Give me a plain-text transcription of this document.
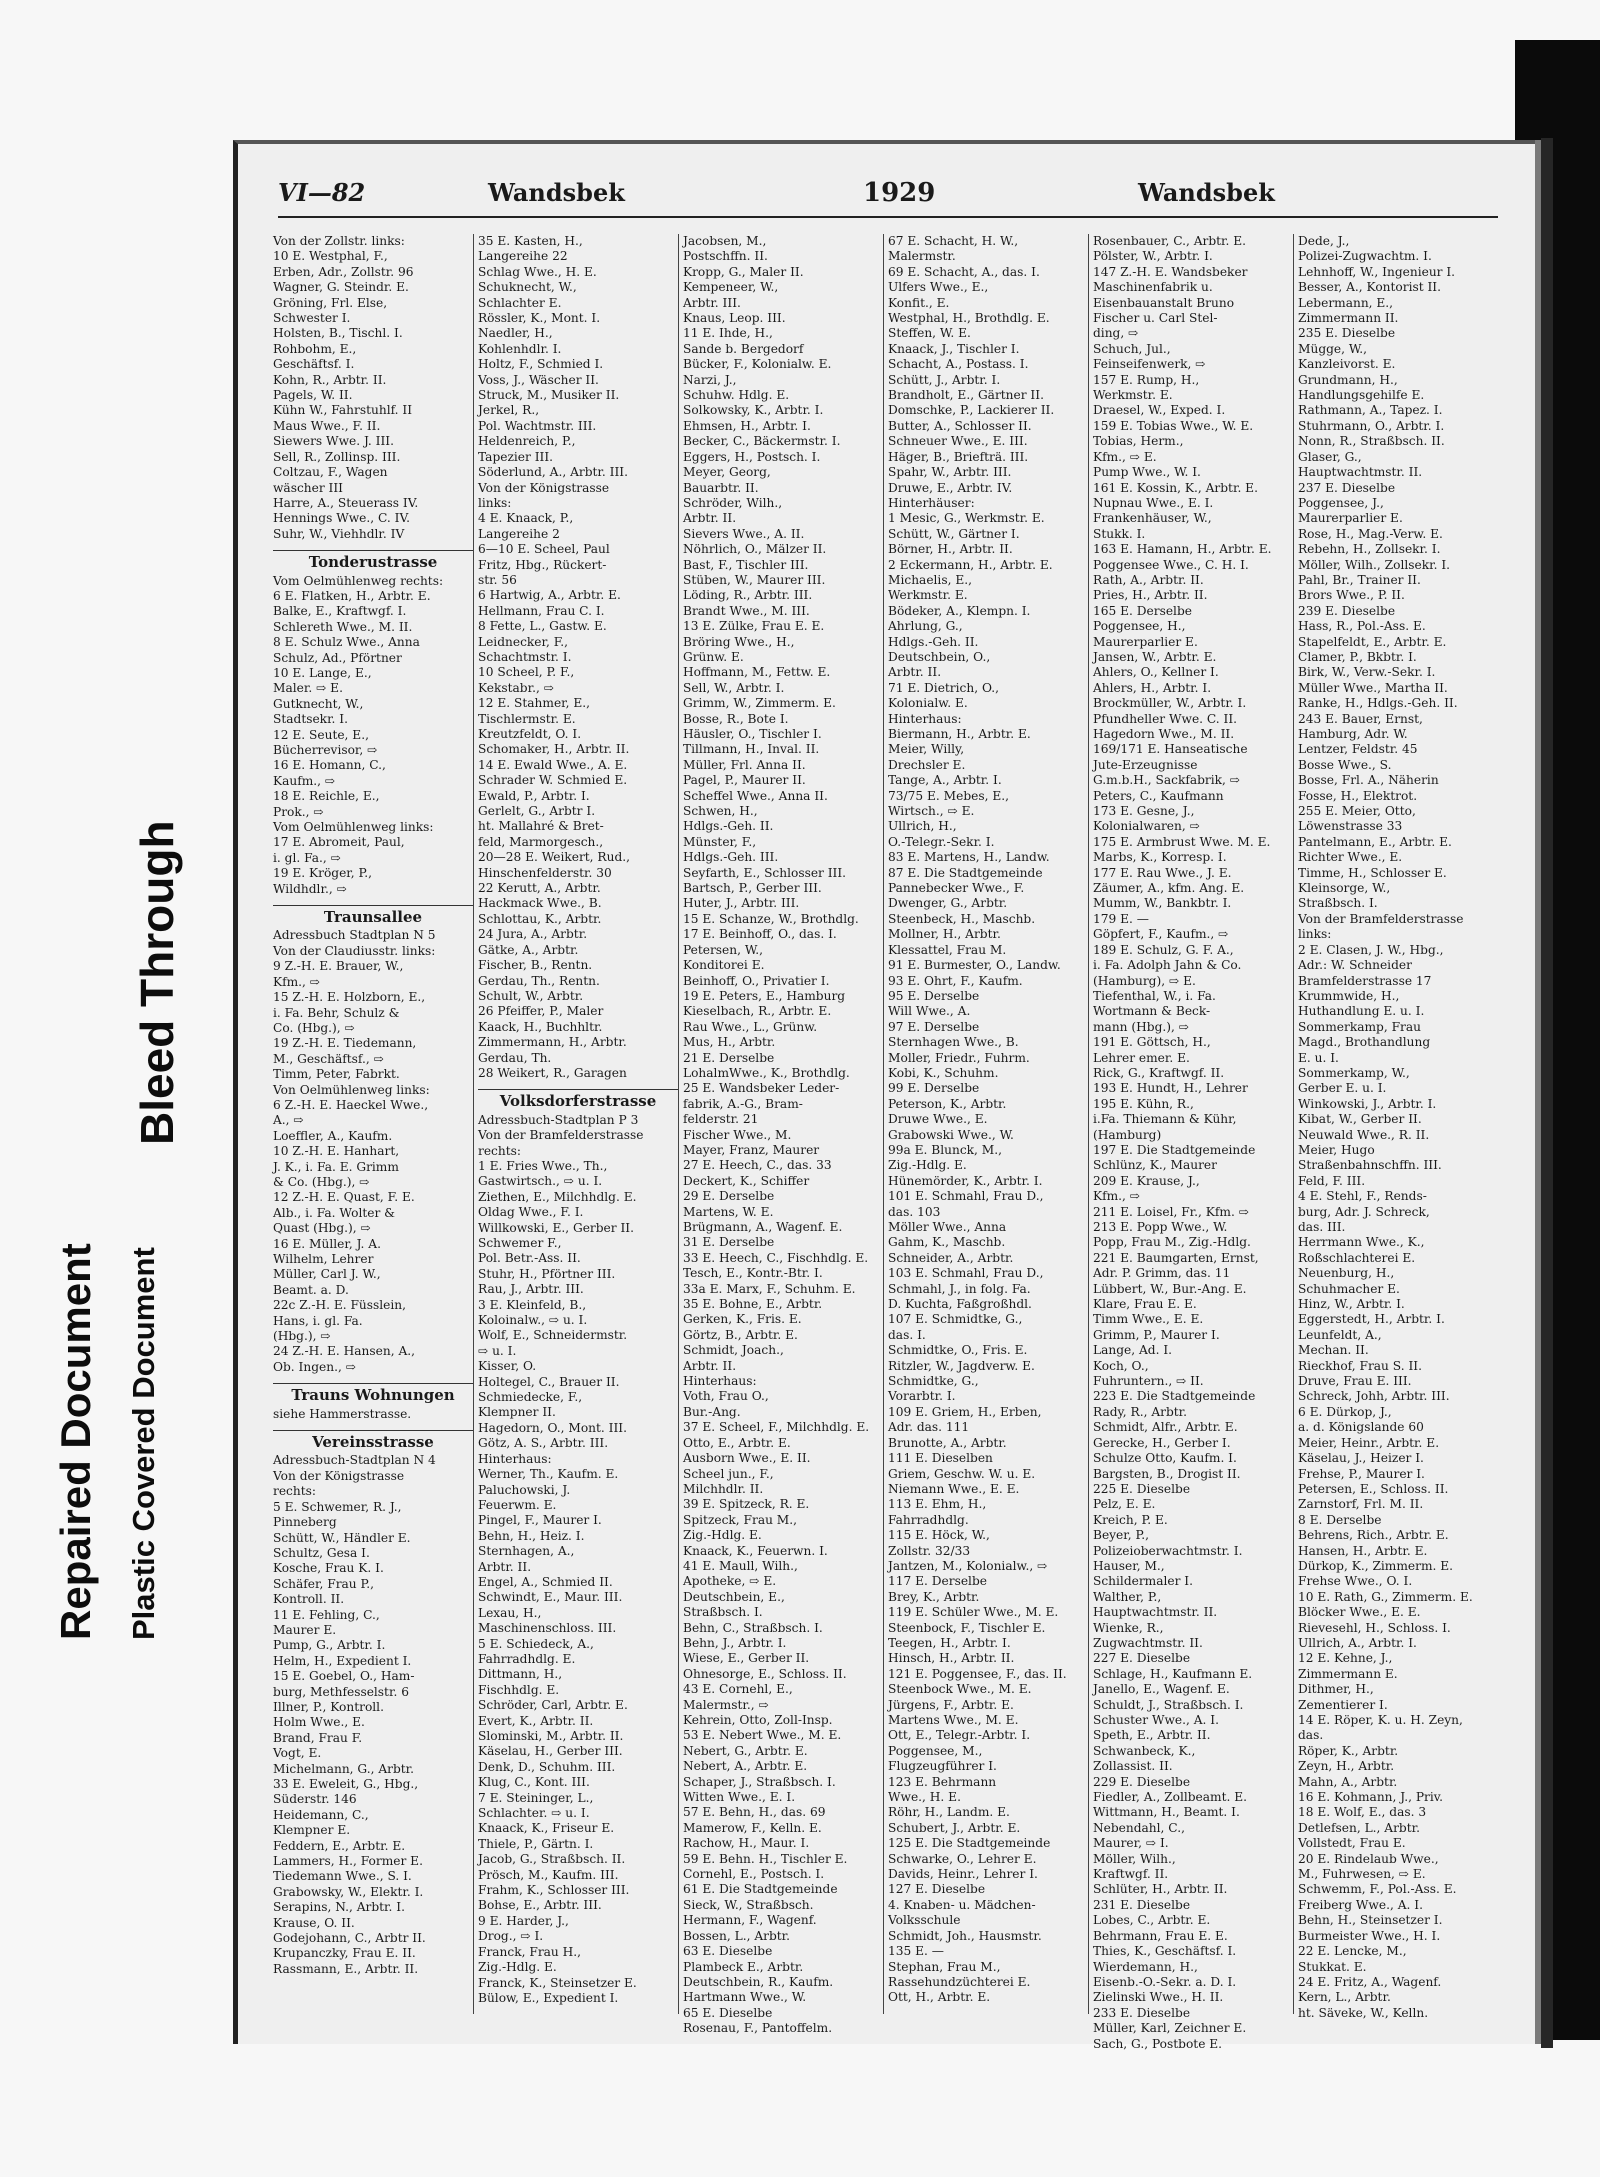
Bleed Through
Repaired Document Plastic Covered Document
VI—82	Wandsbek	1929	Wandsbek
Von der Zollstr. links:
10 E. Westphal, F.,
Erben, Adr., Zollstr. 96
Wagner, G. Steindr. E.
Gröning, Frl. Else,
Schwester I.
Holsten, B., Tischl. I.
Rohbohm, E.,
Geschäftsf. I.
Kohn, R., Arbtr. II.
Pagels, W. II.
Kühn W., Fahrstuhlf. II
Maus Wwe., F. II.
Siewers Wwe. J. III.
Sell, R., Zollinsp. III.
Coltzau, F., Wagen
wäscher III
Harre, A., Steuerass IV.
Hennings Wwe., C. IV.
Suhr, W., Viehhdlr. IV
Tonderustrasse
Vom Oelmühlenweg rechts:
6 E. Flatken, H., Arbtr. E.
Balke, E., Kraftwgf. I.
Schlereth Wwe., M. II.
8 E. Schulz Wwe., Anna
Schulz, Ad., Pförtner
10 E. Lange, E.,
Maler. ⇨ E.
Gutknecht, W.,
Stadtsekr. I.
12 E. Seute, E.,
Bücherrevisor, ⇨
16 E. Homann, C.,
Kaufm., ⇨
18 E. Reichle, E.,
Prok., ⇨
Vom Oelmühlenweg links:
17 E. Abromeit, Paul,
i. gl. Fa., ⇨
19 E. Kröger, P.,
Wildhdlr., ⇨
Traunsallee
Adressbuch Stadtplan N 5
Von der Claudiusstr. links:
9 Z.-H. E. Brauer, W.,
Kfm., ⇨
15 Z.-H. E. Holzborn, E.,
i. Fa. Behr, Schulz &
Co. (Hbg.), ⇨
19 Z.-H. E. Tiedemann,
M., Geschäftsf., ⇨
Timm, Peter, Fabrkt.
Von Oelmühlenweg links:
6 Z.-H. E. Haeckel Wwe.,
A., ⇨
Loeffler, A., Kaufm.
10 Z.-H. E. Hanhart,
J. K., i. Fa. E. Grimm
& Co. (Hbg.), ⇨
12 Z.-H. E. Quast, F. E.
Alb., i. Fa. Wolter &
Quast (Hbg.), ⇨
16 E. Müller, J. A.
Wilhelm, Lehrer
Müller, Carl J. W.,
Beamt. a. D.
22c Z.-H. E. Füsslein,
Hans, i. gl. Fa.
(Hbg.), ⇨
24 Z.-H. E. Hansen, A.,
Ob. Ingen., ⇨
Trauns Wohnungen
siehe Hammerstrasse.
Vereinsstrasse
Adressbuch-Stadtplan N 4
Von der Königstrasse
rechts:
5 E. Schwemer, R. J.,
Pinneberg
Schütt, W., Händler E.
Schultz, Gesa I.
Kosche, Frau K. I.
Schäfer, Frau P.,
Kontroll. II.
11 E. Fehling, C.,
Maurer E.
Pump, G., Arbtr. I.
Helm, H., Expedient I.
15 E. Goebel, O., Ham-
burg, Methfesselstr. 6
Illner, P., Kontroll.
Holm Wwe., E.
Brand, Frau F.
Vogt, E.
Michelmann, G., Arbtr.
33 E. Eweleit, G., Hbg.,
Süderstr. 146
Heidemann, C.,
Klempner E.
Feddern, E., Arbtr. E.
Lammers, H., Former E.
Tiedemann Wwe., S. I.
Grabowsky, W., Elektr. I.
Serapins, N., Arbtr. I.
Krause, O. II.
Godejohann, C., Arbtr II.
Krupanczky, Frau E. II.
Rassmann, E., Arbtr. II.
35 E. Kasten, H.,
Langereihe 22
Schlag Wwe., H. E.
Schuknecht, W.,
Schlachter E.
Rössler, K., Mont. I.
Naedler, H.,
Kohlenhdlr. I.
Holtz, F., Schmied I.
Voss, J., Wäscher II.
Struck, M., Musiker II.
Jerkel, R.,
Pol. Wachtmstr. III.
Heldenreich, P.,
Tapezier III.
Söderlund, A., Arbtr. III.
Von der Königstrasse
links:
4 E. Knaack, P.,
Langereihe 2
6—10 E. Scheel, Paul
Fritz, Hbg., Rückert-
str. 56
6 Hartwig, A., Arbtr. E.
Hellmann, Frau C. I.
8 Fette, L., Gastw. E.
Leidnecker, F.,
Schachtmstr. I.
10 Scheel, P. F.,
Kekstabr., ⇨
12 E. Stahmer, E.,
Tischlermstr. E.
Kreutzfeldt, O. I.
Schomaker, H., Arbtr. II.
14 E. Ewald Wwe., A. E.
Schrader W. Schmied E.
Ewald, P., Arbtr. I.
Gerlelt, G., Arbtr I.
ht. Mallahré & Bret-
feld, Marmorgesch.,
20—28 E. Weikert, Rud.,
Hinschenfelderstr. 30
22 Kerutt, A., Arbtr.
Hackmack Wwe., B.
Schlottau, K., Arbtr.
24 Jura, A., Arbtr.
Gätke, A., Arbtr.
Fischer, B., Rentn.
Gerdau, Th., Rentn.
Schult, W., Arbtr.
26 Pfeiffer, P., Maler
Kaack, H., Buchhltr.
Zimmermann, H., Arbtr.
Gerdau, Th.
28 Weikert, R., Garagen
Volksdorferstrasse
Adressbuch-Stadtplan P 3
Von der Bramfelderstrasse
rechts:
1 E. Fries Wwe., Th.,
Gastwirtsch., ⇨ u. I.
Ziethen, E., Milchhdlg. E.
Oldag Wwe., F. I.
Willkowski, E., Gerber II.
Schwemer F.,
Pol. Betr.-Ass. II.
Stuhr, H., Pförtner III.
Rau, J., Arbtr. III.
3 E. Kleinfeld, B.,
Koloinalw., ⇨ u. I.
Wolf, E., Schneidermstr.
⇨ u. I.
Kisser, O.
Holtegel, C., Brauer II.
Schmiedecke, F.,
Klempner II.
Hagedorn, O., Mont. III.
Götz, A. S., Arbtr. III.
Hinterhaus:
Werner, Th., Kaufm. E.
Paluchowski, J.
Feuerwm. E.
Pingel, F., Maurer I.
Behn, H., Heiz. I.
Sternhagen, A.,
Arbtr. II.
Engel, A., Schmied II.
Schwindt, E., Maur. III.
Lexau, H.,
Maschinenschloss. III.
5 E. Schiedeck, A.,
Fahrradhdlg. E.
Dittmann, H.,
Fischhdlg. E.
Schröder, Carl, Arbtr. E.
Evert, K., Arbtr. II.
Slominski, M., Arbtr. II.
Käselau, H., Gerber III.
Denk, D., Schuhm. III.
Klug, C., Kont. III.
7 E. Steininger, L.,
Schlachter. ⇨ u. I.
Knaack, K., Friseur E.
Thiele, P., Gärtn. I.
Jacob, G., Straßbsch. II.
Prösch, M., Kaufm. III.
Frahm, K., Schlosser III.
Bohse, E., Arbtr. III.
9 E. Harder, J.,
Drog., ⇨ I.
Franck, Frau H.,
Zig.-Hdlg. E.
Franck, K., Steinsetzer E.
Bülow, E., Expedient I.
Jacobsen, M.,
Postschffn. II.
Kropp, G., Maler II.
Kempeneer, W.,
Arbtr. III.
Knaus, Leop. III.
11 E. Ihde, H.,
Sande b. Bergedorf
Bücker, F., Kolonialw. E.
Narzi, J.,
Schuhw. Hdlg. E.
Solkowsky, K., Arbtr. I.
Ehmsen, H., Arbtr. I.
Becker, C., Bäckermstr. I.
Eggers, H., Postsch. I.
Meyer, Georg,
Bauarbtr. II.
Schröder, Wilh.,
Arbtr. II.
Sievers Wwe., A. II.
Nöhrlich, O., Mälzer II.
Bast, F., Tischler III.
Stüben, W., Maurer III.
Löding, R., Arbtr. III.
Brandt Wwe., M. III.
13 E. Zülke, Frau E. E.
Bröring Wwe., H.,
Grünw. E.
Hoffmann, M., Fettw. E.
Sell, W., Arbtr. I.
Grimm, W., Zimmerm. E.
Bosse, R., Bote I.
Häusler, O., Tischler I.
Tillmann, H., Inval. II.
Müller, Frl. Anna II.
Pagel, P., Maurer II.
Scheffel Wwe., Anna II.
Schwen, H.,
Hdlgs.-Geh. II.
Münster, F.,
Hdlgs.-Geh. III.
Seyfarth, E., Schlosser III.
Bartsch, P., Gerber III.
Huter, J., Arbtr. III.
15 E. Schanze, W., Brothdlg.
17 E. Beinhoff, O., das. I.
Petersen, W.,
Konditorei E.
Beinhoff, O., Privatier I.
19 E. Peters, E., Hamburg
Kieselbach, R., Arbtr. E.
Rau Wwe., L., Grünw.
Mus, H., Arbtr.
21 E. Derselbe
LohalmWwe., K., Brothdlg.
25 E. Wandsbeker Leder-
fabrik, A.-G., Bram-
felderstr. 21
Fischer Wwe., M.
Mayer, Franz, Maurer
27 E. Heech, C., das. 33
Deckert, K., Schiffer
29 E. Derselbe
Martens, W. E.
Brügmann, A., Wagenf. E.
31 E. Derselbe
33 E. Heech, C., Fischhdlg. E.
Tesch, E., Kontr.-Btr. I.
33a E. Marx, F., Schuhm. E.
35 E. Bohne, E., Arbtr.
Gerken, K., Fris. E.
Görtz, B., Arbtr. E.
Schmidt, Joach.,
Arbtr. II.
Hinterhaus:
Voth, Frau O.,
Bur.-Ang.
37 E. Scheel, F., Milchhdlg. E.
Otto, E., Arbtr. E.
Ausborn Wwe., E. II.
Scheel jun., F.,
Milchhdlr. II.
39 E. Spitzeck, R. E.
Spitzeck, Frau M.,
Zig.-Hdlg. E.
Knaack, K., Feuerwn. I.
41 E. Maull, Wilh.,
Apotheke, ⇨ E.
Deutschbein, E.,
Straßbsch. I.
Behn, C., Straßbsch. I.
Behn, J., Arbtr. I.
Wiese, E., Gerber II.
Ohnesorge, E., Schloss. II.
43 E. Cornehl, E.,
Malermstr., ⇨
Kehrein, Otto, Zoll-Insp.
53 E. Nebert Wwe., M. E.
Nebert, G., Arbtr. E.
Nebert, A., Arbtr. E.
Schaper, J., Straßbsch. I.
Witten Wwe., E. I.
57 E. Behn, H., das. 69
Mamerow, F., Kelln. E.
Rachow, H., Maur. I.
59 E. Behn. H., Tischler E.
Cornehl, E., Postsch. I.
61 E. Die Stadtgemeinde
Sieck, W., Straßbsch.
Hermann, F., Wagenf.
Bossen, L., Arbtr.
63 E. Dieselbe
Plambeck E., Arbtr.
Deutschbein, R., Kaufm.
Hartmann Wwe., W.
65 E. Dieselbe
Rosenau, F., Pantoffelm.
67 E. Schacht, H. W.,
Malermstr.
69 E. Schacht, A., das. I.
Ulfers Wwe., E.,
Konfit., E.
Westphal, H., Brothdlg. E.
Steffen, W. E.
Knaack, J., Tischler I.
Schacht, A., Postass. I.
Schütt, J., Arbtr. I.
Brandholt, E., Gärtner II.
Domschke, P., Lackierer II.
Butter, A., Schlosser II.
Schneuer Wwe., E. III.
Häger, B., Briefträ. III.
Spahr, W., Arbtr. III.
Druwe, E., Arbtr. IV.
Hinterhäuser:
1 Mesic, G., Werkmstr. E.
Schütt, W., Gärtner I.
Börner, H., Arbtr. II.
2 Eckermann, H., Arbtr. E.
Michaelis, E.,
Werkmstr. E.
Bödeker, A., Klempn. I.
Ahrlung, G.,
Hdlgs.-Geh. II.
Deutschbein, O.,
Arbtr. II.
71 E. Dietrich, O.,
Kolonialw. E.
Hinterhaus:
Biermann, H., Arbtr. E.
Meier, Willy,
Drechsler E.
Tange, A., Arbtr. I.
73/75 E. Mebes, E.,
Wirtsch., ⇨ E.
Ullrich, H.,
O.-Telegr.-Sekr. I.
83 E. Martens, H., Landw.
87 E. Die Stadtgemeinde
Pannebecker Wwe., F.
Dwenger, G., Arbtr.
Steenbeck, H., Maschb.
Mollner, H., Arbtr.
Klessattel, Frau M.
91 E. Burmester, O., Landw.
93 E. Ohrt, F., Kaufm.
95 E. Derselbe
Will Wwe., A.
97 E. Derselbe
Sternhagen Wwe., B.
Moller, Friedr., Fuhrm.
Kobi, K., Schuhm.
99 E. Derselbe
Peterson, K., Arbtr.
Druwe Wwe., E.
Grabowski Wwe., W.
99a E. Blunck, M.,
Zig.-Hdlg. E.
Hünemörder, K., Arbtr. I.
101 E. Schmahl, Frau D.,
das. 103
Möller Wwe., Anna
Gahm, K., Maschb.
Schneider, A., Arbtr.
103 E. Schmahl, Frau D.,
Schmahl, J., in folg. Fa.
D. Kuchta, Faßgroßhdl.
107 E. Schmidtke, G.,
das. I.
Schmidtke, O., Fris. E.
Ritzler, W., Jagdverw. E.
Schmidtke, G.,
Vorarbtr. I.
109 E. Griem, H., Erben,
Adr. das. 111
Brunotte, A., Arbtr.
111 E. Dieselben
Griem, Geschw. W. u. E.
Niemann Wwe., E. E.
113 E. Ehm, H.,
Fahrradhdlg.
115 E. Höck, W.,
Zollstr. 32/33
Jantzen, M., Kolonialw., ⇨
117 E. Derselbe
Brey, K., Arbtr.
119 E. Schüler Wwe., M. E.
Steenbock, F., Tischler E.
Teegen, H., Arbtr. I.
Hinsch, H., Arbtr. II.
121 E. Poggensee, F., das. II.
Steenbock Wwe., M. E.
Jürgens, F., Arbtr. E.
Martens Wwe., M. E.
Ott, E., Telegr.-Arbtr. I.
Poggensee, M.,
Flugzeugführer I.
123 E. Behrmann
Wwe., H. E.
Röhr, H., Landm. E.
Schubert, J., Arbtr. E.
125 E. Die Stadtgemeinde
Schwarke, O., Lehrer E.
Davids, Heinr., Lehrer I.
127 E. Dieselbe
4. Knaben- u. Mädchen-
Volksschule
Schmidt, Joh., Hausmstr.
135 E. —
Stephan, Frau M.,
Rassehundzüchterei E.
Ott, H., Arbtr. E.
Rosenbauer, C., Arbtr. E.
Pölster, W., Arbtr. I.
147 Z.-H. E. Wandsbeker
Maschinenfabrik u.
Eisenbauanstalt Bruno
Fischer u. Carl Stel-
ding, ⇨
Schuch, Jul.,
Feinseifenwerk, ⇨
157 E. Rump, H.,
Werkmstr. E.
Draesel, W., Exped. I.
159 E. Tobias Wwe., W. E.
Tobias, Herm.,
Kfm., ⇨ E.
Pump Wwe., W. I.
161 E. Kossin, K., Arbtr. E.
Nupnau Wwe., E. I.
Frankenhäuser, W.,
Stukk. I.
163 E. Hamann, H., Arbtr. E.
Poggensee Wwe., C. H. I.
Rath, A., Arbtr. II.
Pries, H., Arbtr. II.
165 E. Derselbe
Poggensee, H.,
Maurerparlier E.
Jansen, W., Arbtr. E.
Ahlers, O., Kellner I.
Ahlers, H., Arbtr. I.
Brockmüller, W., Arbtr. I.
Pfundheller Wwe. C. II.
Hagedorn Wwe., M. II.
169/171 E. Hanseatische
Jute-Erzeugnisse
G.m.b.H., Sackfabrik, ⇨
Peters, C., Kaufmann
173 E. Gesne, J.,
Kolonialwaren, ⇨
175 E. Armbrust Wwe. M. E.
Marbs, K., Korresp. I.
177 E. Rau Wwe., J. E.
Zäumer, A., kfm. Ang. E.
Mumm, W., Bankbtr. I.
179 E. —
Göpfert, F., Kaufm., ⇨
189 E. Schulz, G. F. A.,
i. Fa. Adolph Jahn & Co.
(Hamburg), ⇨ E.
Tiefenthal, W., i. Fa.
Wortmann & Beck-
mann (Hbg.), ⇨
191 E. Göttsch, H.,
Lehrer emer. E.
Rick, G., Kraftwgf. II.
193 E. Hundt, H., Lehrer
195 E. Kühn, R.,
i.Fa. Thiemann & Kühr,
(Hamburg)
197 E. Die Stadtgemeinde
Schlünz, K., Maurer
209 E. Krause, J.,
Kfm., ⇨
211 E. Loisel, Fr., Kfm. ⇨
213 E. Popp Wwe., W.
Popp, Frau M., Zig.-Hdlg.
221 E. Baumgarten, Ernst,
Adr. P. Grimm, das. 11
Lübbert, W., Bur.-Ang. E.
Klare, Frau E. E.
Timm Wwe., E. E.
Grimm, P., Maurer I.
Lange, Ad. I.
Koch, O.,
Fuhruntern., ⇨ II.
223 E. Die Stadtgemeinde
Rady, R., Arbtr.
Schmidt, Alfr., Arbtr. E.
Gerecke, H., Gerber I.
Schulze Otto, Kaufm. I.
Bargsten, B., Drogist II.
225 E. Dieselbe
Pelz, E. E.
Kreich, P. E.
Beyer, P.,
Polizeioberwachtmstr. I.
Hauser, M.,
Schildermaler I.
Walther, P.,
Hauptwachtmstr. II.
Wienke, R.,
Zugwachtmstr. II.
227 E. Dieselbe
Schlage, H., Kaufmann E.
Janello, E., Wagenf. E.
Schuldt, J., Straßbsch. I.
Schuster Wwe., A. I.
Speth, E., Arbtr. II.
Schwanbeck, K.,
Zollassist. II.
229 E. Dieselbe
Fiedler, A., Zollbeamt. E.
Wittmann, H., Beamt. I.
Nebendahl, C.,
Maurer, ⇨ I.
Möller, Wilh.,
Kraftwgf. II.
Schlüter, H., Arbtr. II.
231 E. Dieselbe
Lobes, C., Arbtr. E.
Behrmann, Frau E. E.
Thies, K., Geschäftsf. I.
Wierdemann, H.,
Eisenb.-O.-Sekr. a. D. I.
Zielinski Wwe., H. II.
233 E. Dieselbe
Müller, Karl, Zeichner E.
Sach, G., Postbote E.
Dede, J.,
Polizei-Zugwachtm. I.
Lehnhoff, W., Ingenieur I.
Besser, A., Kontorist II.
Lebermann, E.,
Zimmermann II.
235 E. Dieselbe
Mügge, W.,
Kanzleivorst. E.
Grundmann, H.,
Handlungsgehilfe E.
Rathmann, A., Tapez. I.
Stuhrmann, O., Arbtr. I.
Nonn, R., Straßbsch. II.
Glaser, G.,
Hauptwachtmstr. II.
237 E. Dieselbe
Poggensee, J.,
Maurerparlier E.
Rose, H., Mag.-Verw. E.
Rebehn, H., Zollsekr. I.
Möller, Wilh., Zollsekr. I.
Pahl, Br., Trainer II.
Brors Wwe., P. II.
239 E. Dieselbe
Hass, R., Pol.-Ass. E.
Stapelfeldt, E., Arbtr. E.
Clamer, P., Bkbtr. I.
Birk, W., Verw.-Sekr. I.
Müller Wwe., Martha II.
Ranke, H., Hdlgs.-Geh. II.
243 E. Bauer, Ernst,
Hamburg, Adr. W.
Lentzer, Feldstr. 45
Bosse Wwe., S.
Bosse, Frl. A., Näherin
Fosse, H., Elektrot.
255 E. Meier, Otto,
Löwenstrasse 33
Pantelmann, E., Arbtr. E.
Richter Wwe., E.
Timme, H., Schlosser E.
Kleinsorge, W.,
Straßbsch. I.
Von der Bramfelderstrasse
links:
2 E. Clasen, J. W., Hbg.,
Adr.: W. Schneider
Bramfelderstrasse 17
Krummwide, H.,
Huthandlung E. u. I.
Sommerkamp, Frau
Magd., Brothandlung
E. u. I.
Sommerkamp, W.,
Gerber E. u. I.
Winkowski, J., Arbtr. I.
Kibat, W., Gerber II.
Neuwald Wwe., R. II.
Meier, Hugo
Straßenbahnschffn. III.
Feld, F. III.
4 E. Stehl, F., Rends-
burg, Adr. J. Schreck,
das. III.
Herrmann Wwe., K.,
Roßschlachterei E.
Neuenburg, H.,
Schuhmacher E.
Hinz, W., Arbtr. I.
Eggerstedt, H., Arbtr. I.
Leunfeldt, A.,
Mechan. II.
Rieckhof, Frau S. II.
Druve, Frau E. III.
Schreck, Johh, Arbtr. III.
6 E. Dürkop, J.,
a. d. Königslande 60
Meier, Heinr., Arbtr. E.
Käselau, J., Heizer I.
Frehse, P., Maurer I.
Petersen, E., Schloss. II.
Zarnstorf, Frl. M. II.
8 E. Derselbe
Behrens, Rich., Arbtr. E.
Hansen, H., Arbtr. E.
Dürkop, K., Zimmerm. E.
Frehse Wwe., O. I.
10 E. Rath, G., Zimmerm. E.
Blöcker Wwe., E. E.
Rievesehl, H., Schloss. I.
Ullrich, A., Arbtr. I.
12 E. Kehne, J.,
Zimmermann E.
Dithmer, H.,
Zementierer I.
14 E. Röper, K. u. H. Zeyn,
das.
Röper, K., Arbtr.
Zeyn, H., Arbtr.
Mahn, A., Arbtr.
16 E. Kohmann, J., Priv.
18 E. Wolf, E., das. 3
Detlefsen, L., Arbtr.
Vollstedt, Frau E.
20 E. Rindelaub Wwe.,
M., Fuhrwesen, ⇨ E.
Schwemm, F., Pol.-Ass. E.
Freiberg Wwe., A. I.
Behn, H., Steinsetzer I.
Burmeister Wwe., H. I.
22 E. Lencke, M.,
Stukkat. E.
24 E. Fritz, A., Wagenf.
Kern, L., Arbtr.
ht. Säveke, W., Kelln.
